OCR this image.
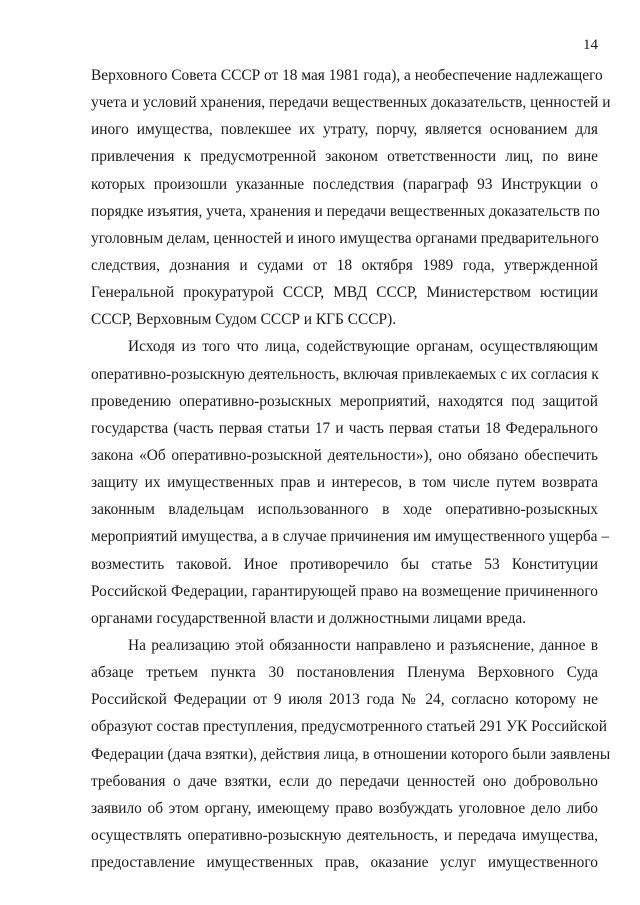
14
Верховного Совета СССР от 18 мая 1981 года), а необеспечение надлежащего
учета и условий хранения, передачи вещественных доказательств, ценностей и
иного имущества, повлекшее их утрату, порчу, является основанием для
привлечения к предусмотренной законом ответственности лиц, по вине
которых произошли указанные последствия (параграф 93 Инструкции о
порядке изъятия, учета, хранения и передачи вещественных доказательств по
уголовным делам, ценностей и иного имущества органами предварительного
следствия, дознания и судами от 18 октября 1989 года, утвержденной
Генеральной прокуратурой СССР, МВД СССР, Министерством юстиции
СССР, Верховным Судом СССР и КГБ СССР).
Исходя из того что лица, содействующие органам, осуществляющим
оперативно-розыскную деятельность, включая привлекаемых с их согласия к
проведению оперативно-розыскных мероприятий, находятся под защитой
государства (часть первая статьи 17 и часть первая статьи 18 Федерального
закона «Об оперативно-розыскной деятельности»), оно обязано обеспечить
защиту их имущественных прав и интересов, в том числе путем возврата
законным владельцам использованного в ходе оперативно-розыскных
мероприятий имущества, а в случае причинения им имущественного ущерба –
возместить таковой. Иное противоречило бы статье 53 Конституции
Российской Федерации, гарантирующей право на возмещение причиненного
органами государственной власти и должностными лицами вреда.
На реализацию этой обязанности направлено и разъяснение, данное в
абзаце третьем пункта 30 постановления Пленума Верховного Суда
Российской Федерации от 9 июля 2013 года № 24, согласно которому не
образуют состав преступления, предусмотренного статьей 291 УК Российской
Федерации (дача взятки), действия лица, в отношении которого были заявлены
требования о даче взятки, если до передачи ценностей оно добровольно
заявило об этом органу, имеющему право возбуждать уголовное дело либо
осуществлять оперативно-розыскную деятельность, и передача имущества,
предоставление имущественных прав, оказание услуг имущественного
